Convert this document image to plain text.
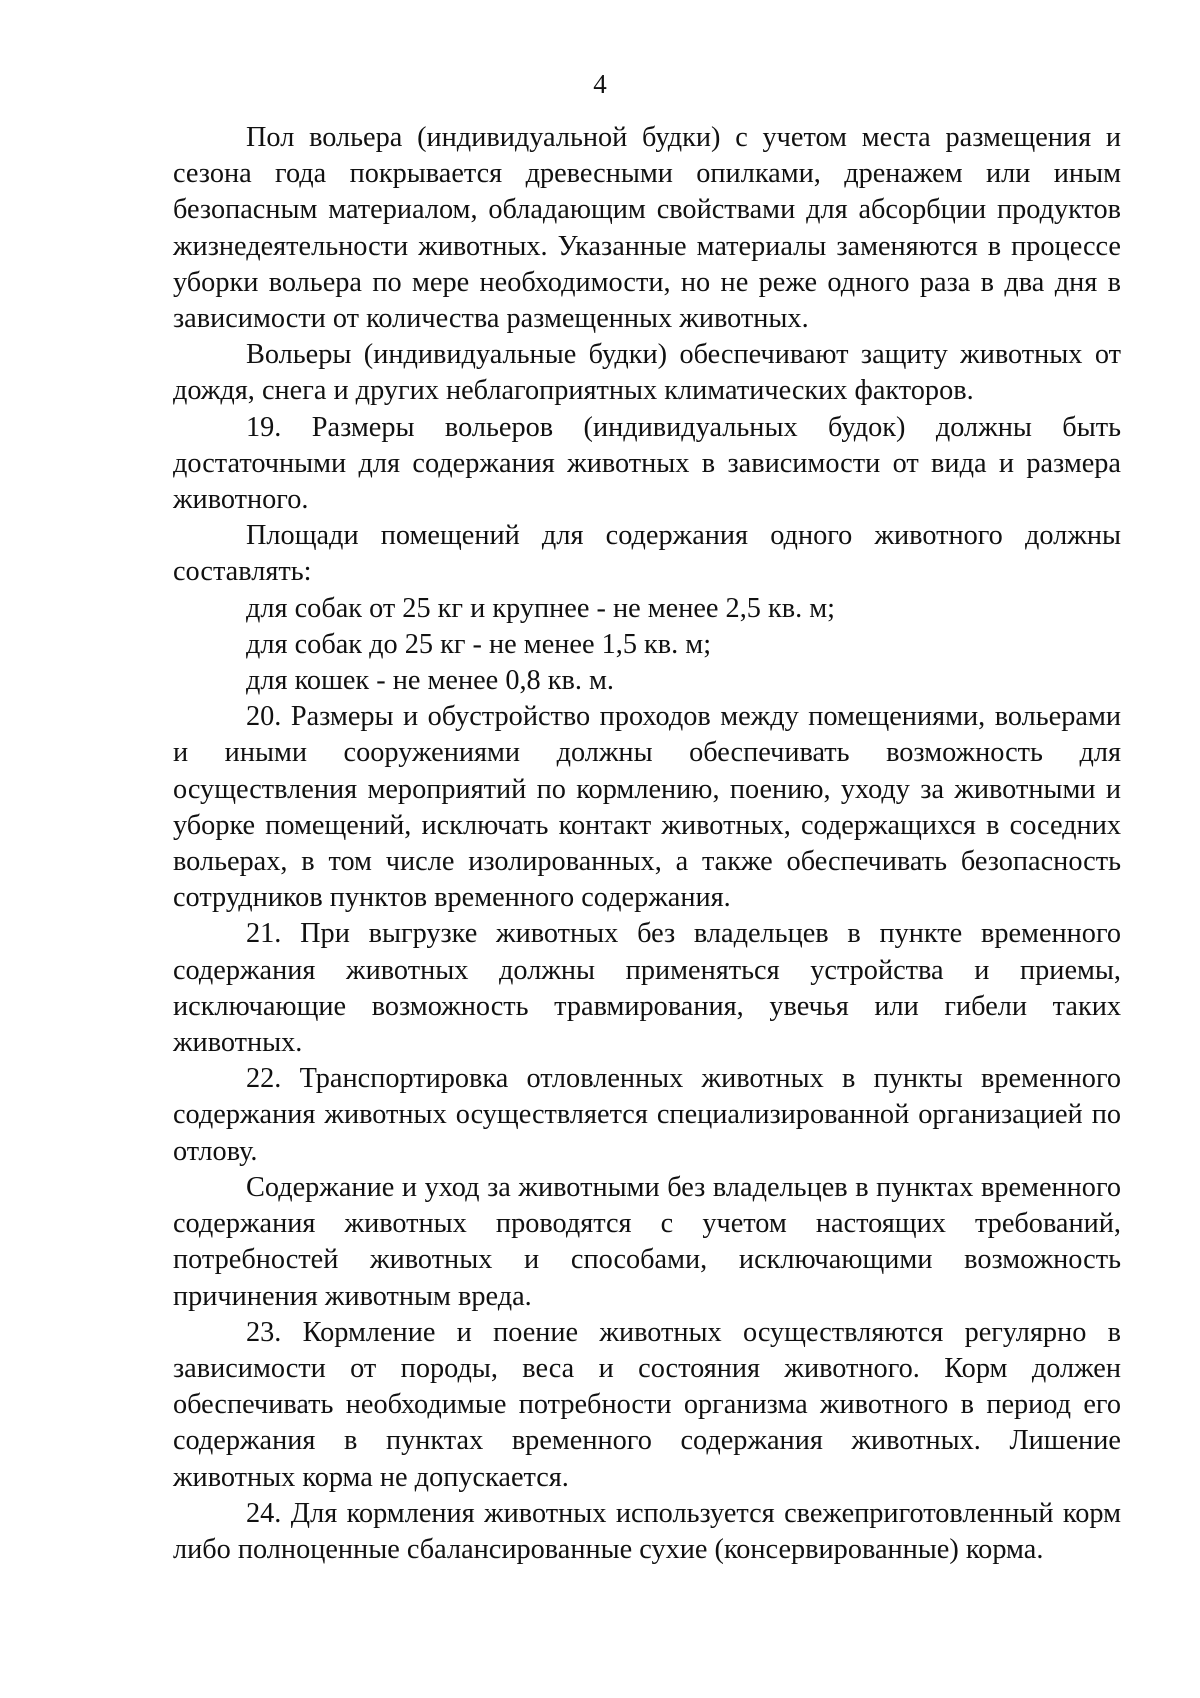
4

Пол вольера (индивидуальной будки) с учетом места размещения и сезона года покрывается древесными опилками, дренажем или иным безопасным материалом, обладающим свойствами для абсорбции продуктов жизнедеятельности животных. Указанные материалы заменяются в процессе уборки вольера по мере необходимости, но не реже одного раза в два дня в зависимости от количества размещенных животных.

Вольеры (индивидуальные будки) обеспечивают защиту животных от дождя, снега и других неблагоприятных климатических факторов.

19. Размеры вольеров (индивидуальных будок) должны быть достаточными для содержания животных в зависимости от вида и размера животного.

Площади помещений для содержания одного животного должны составлять:

для собак от 25 кг и крупнее - не менее 2,5 кв. м;

для собак до 25 кг - не менее 1,5 кв. м;

для кошек - не менее 0,8 кв. м.

20. Размеры и обустройство проходов между помещениями, вольерами и иными сооружениями должны обеспечивать возможность для осуществления мероприятий по кормлению, поению, уходу за животными и уборке помещений, исключать контакт животных, содержащихся в соседних вольерах, в том числе изолированных, а также обеспечивать безопасность сотрудников пунктов временного содержания.

21. При выгрузке животных без владельцев в пункте временного содержания животных должны применяться устройства и приемы, исключающие возможность травмирования, увечья или гибели таких животных.

22. Транспортировка отловленных животных в пункты временного содержания животных осуществляется специализированной организацией по отлову.

Содержание и уход за животными без владельцев в пунктах временного содержания животных проводятся с учетом настоящих требований, потребностей животных и способами, исключающими возможность причинения животным вреда.

23. Кормление и поение животных осуществляются регулярно в зависимости от породы, веса и состояния животного. Корм должен обеспечивать необходимые потребности организма животного в период его содержания в пунктах временного содержания животных. Лишение животных корма не допускается.

24. Для кормления животных используется свежеприготовленный корм либо полноценные сбалансированные сухие (консервированные) корма.
